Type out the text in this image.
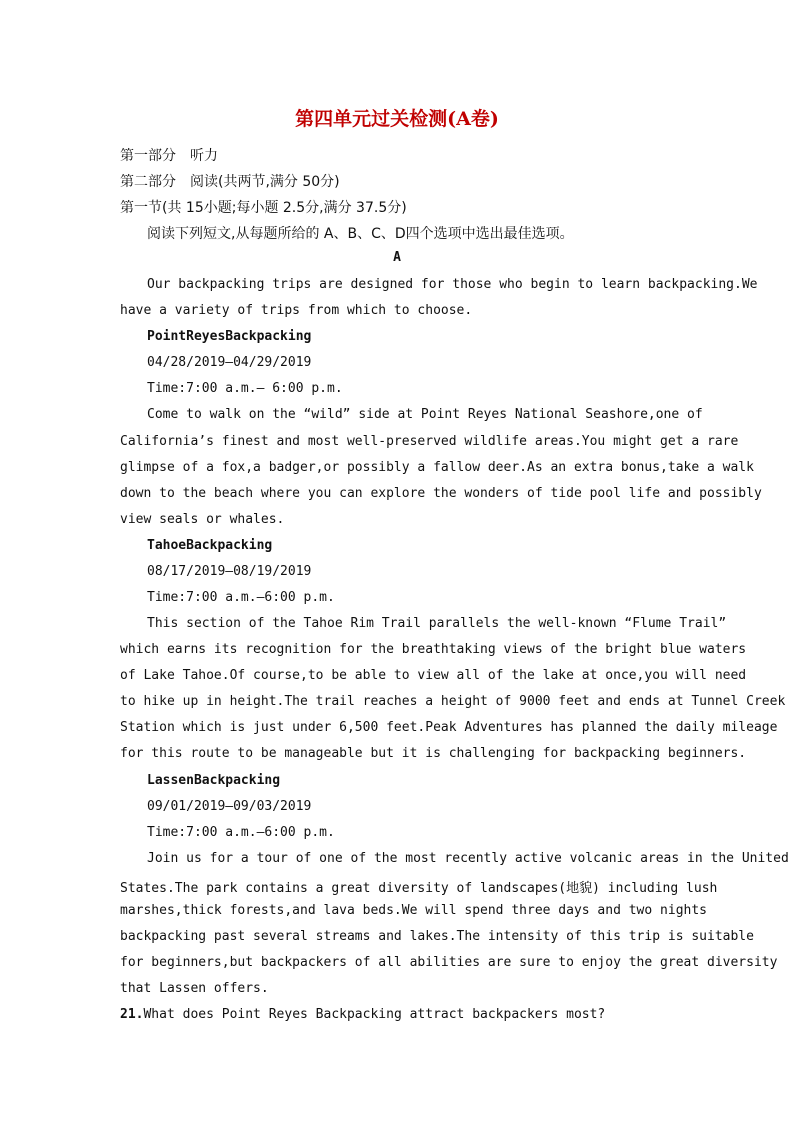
第四单元过关检测(A卷)
第一部分　听力
第二部分　阅读(共两节,满分 50分)
第一节(共 15小题;每小题 2.5分,满分 37.5分)
阅读下列短文,从每题所给的 A、B、C、D四个选项中选出最佳选项。
A
Our backpacking trips are designed for those who begin to learn backpacking.We
have a variety of trips from which to choose.
PointReyesBackpacking
04/28/2019—04/29/2019
Time:7:00 a.m.— 6:00 p.m.
Come to walk on the “wild” side at Point Reyes National Seashore,one of
California’s finest and most well-preserved wildlife areas.You might get a rare
glimpse of a fox,a badger,or possibly a fallow deer.As an extra bonus,take a walk
down to the beach where you can explore the wonders of tide pool life and possibly
view seals or whales.
TahoeBackpacking
08/17/2019—08/19/2019
Time:7:00 a.m.—6:00 p.m.
This section of the Tahoe Rim Trail parallels the well-known “Flume Trail”
which earns its recognition for the breathtaking views of the bright blue waters
of Lake Tahoe.Of course,to be able to view all of the lake at once,you will need
to hike up in height.The trail reaches a height of 9000 feet and ends at Tunnel Creek
Station which is just under 6,500 feet.Peak Adventures has planned the daily mileage
for this route to be manageable but it is challenging for backpacking beginners.
LassenBackpacking
09/01/2019—09/03/2019
Time:7:00 a.m.—6:00 p.m.
Join us for a tour of one of the most recently active volcanic areas in the United
States.The park contains a great diversity of landscapes(地貌) including lush
marshes,thick forests,and lava beds.We will spend three days and two nights
backpacking past several streams and lakes.The intensity of this trip is suitable
for beginners,but backpackers of all abilities are sure to enjoy the great diversity
that Lassen offers.
21.What does Point Reyes Backpacking attract backpackers most?
